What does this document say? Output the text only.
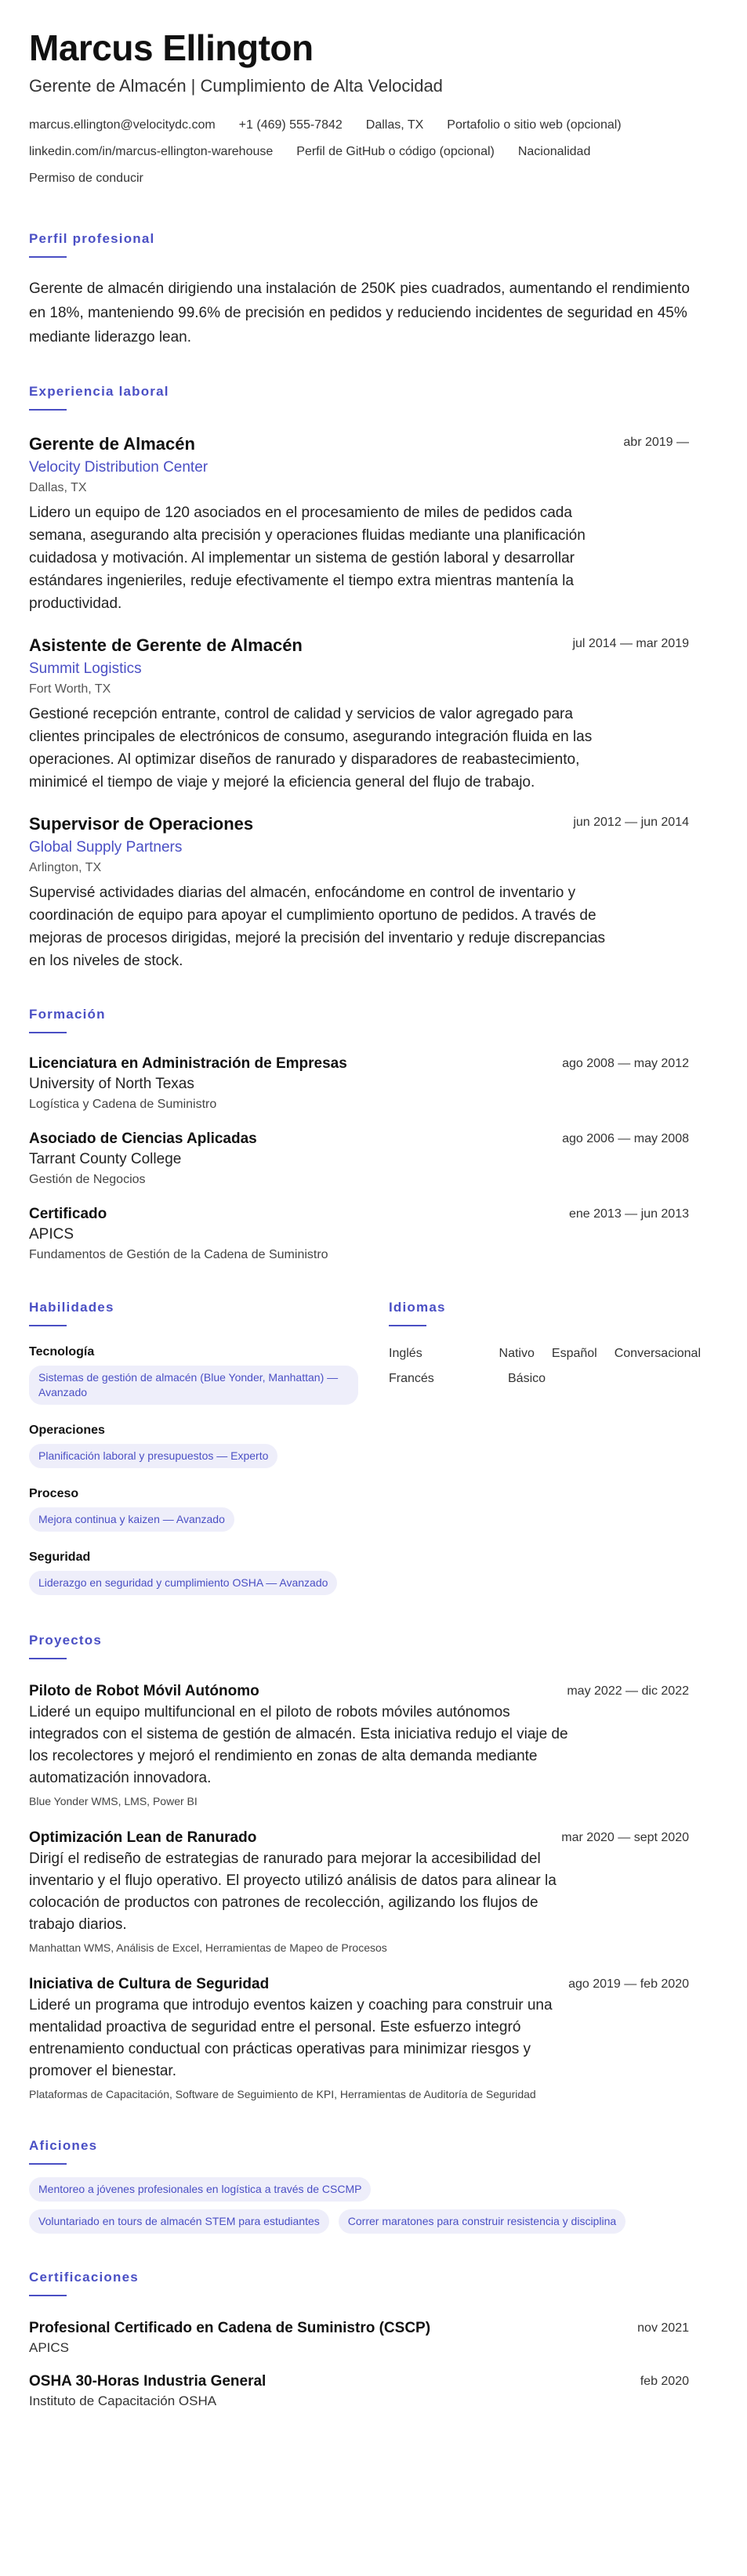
Marcus Ellington
Gerente de Almacén | Cumplimiento de Alta Velocidad
marcus.ellington@velocitydc.com +1 (469) 555-7842 Dallas, TX Portafolio o sitio web (opcional)
linkedin.com/in/marcus-ellington-warehouse Perfil de GitHub o código (opcional) Nacionalidad
Permiso de conducir
Perfil profesional
Gerente de almacén dirigiendo una instalación de 250K pies cuadrados, aumentando el rendimiento en 18%, manteniendo 99.6% de precisión en pedidos y reduciendo incidentes de seguridad en 45% mediante liderazgo lean.
Experiencia laboral
Gerente de Almacén	abr 2019 —
Velocity Distribution Center
Dallas, TX
Lidero un equipo de 120 asociados en el procesamiento de miles de pedidos cada semana, asegurando alta precisión y operaciones fluidas mediante una planificación cuidadosa y motivación. Al implementar un sistema de gestión laboral y desarrollar estándares ingenieriles, reduje efectivamente el tiempo extra mientras mantenía la productividad.
Asistente de Gerente de Almacén	jul 2014 — mar 2019
Summit Logistics
Fort Worth, TX
Gestioné recepción entrante, control de calidad y servicios de valor agregado para clientes principales de electrónicos de consumo, asegurando integración fluida en las operaciones. Al optimizar diseños de ranurado y disparadores de reabastecimiento, minimicé el tiempo de viaje y mejoré la eficiencia general del flujo de trabajo.
Supervisor de Operaciones	jun 2012 — jun 2014
Global Supply Partners
Arlington, TX
Supervisé actividades diarias del almacén, enfocándome en control de inventario y coordinación de equipo para apoyar el cumplimiento oportuno de pedidos. A través de mejoras de procesos dirigidas, mejoré la precisión del inventario y reduje discrepancias en los niveles de stock.
Formación
Licenciatura en Administración de Empresas	ago 2008 — may 2012
University of North Texas
Logística y Cadena de Suministro
Asociado de Ciencias Aplicadas	ago 2006 — may 2008
Tarrant County College
Gestión de Negocios
Certificado	ene 2013 — jun 2013
APICS
Fundamentos de Gestión de la Cadena de Suministro
Habilidades
Tecnología
Sistemas de gestión de almacén (Blue Yonder, Manhattan) — Avanzado
Operaciones
Planificación laboral y presupuestos — Experto
Proceso
Mejora continua y kaizen — Avanzado
Seguridad
Liderazgo en seguridad y cumplimiento OSHA — Avanzado
Idiomas
Inglés	Nativo Español Conversacional
Francés	Básico
Proyectos
Piloto de Robot Móvil Autónomo	may 2022 — dic 2022
Lideré un equipo multifuncional en el piloto de robots móviles autónomos integrados con el sistema de gestión de almacén. Esta iniciativa redujo el viaje de los recolectores y mejoró el rendimiento en zonas de alta demanda mediante automatización innovadora.
Blue Yonder WMS, LMS, Power BI
Optimización Lean de Ranurado	mar 2020 — sept 2020
Dirigí el rediseño de estrategias de ranurado para mejorar la accesibilidad del inventario y el flujo operativo. El proyecto utilizó análisis de datos para alinear la colocación de productos con patrones de recolección, agilizando los flujos de trabajo diarios.
Manhattan WMS, Análisis de Excel, Herramientas de Mapeo de Procesos
Iniciativa de Cultura de Seguridad	ago 2019 — feb 2020
Lideré un programa que introdujo eventos kaizen y coaching para construir una mentalidad proactiva de seguridad entre el personal. Este esfuerzo integró entrenamiento conductual con prácticas operativas para minimizar riesgos y promover el bienestar.
Plataformas de Capacitación, Software de Seguimiento de KPI, Herramientas de Auditoría de Seguridad
Aficiones
Mentoreo a jóvenes profesionales en logística a través de CSCMP
Voluntariado en tours de almacén STEM para estudiantes	Correr maratones para construir resistencia y disciplina
Certificaciones
Profesional Certificado en Cadena de Suministro (CSCP)	nov 2021
APICS
OSHA 30-Horas Industria General	feb 2020
Instituto de Capacitación OSHA
